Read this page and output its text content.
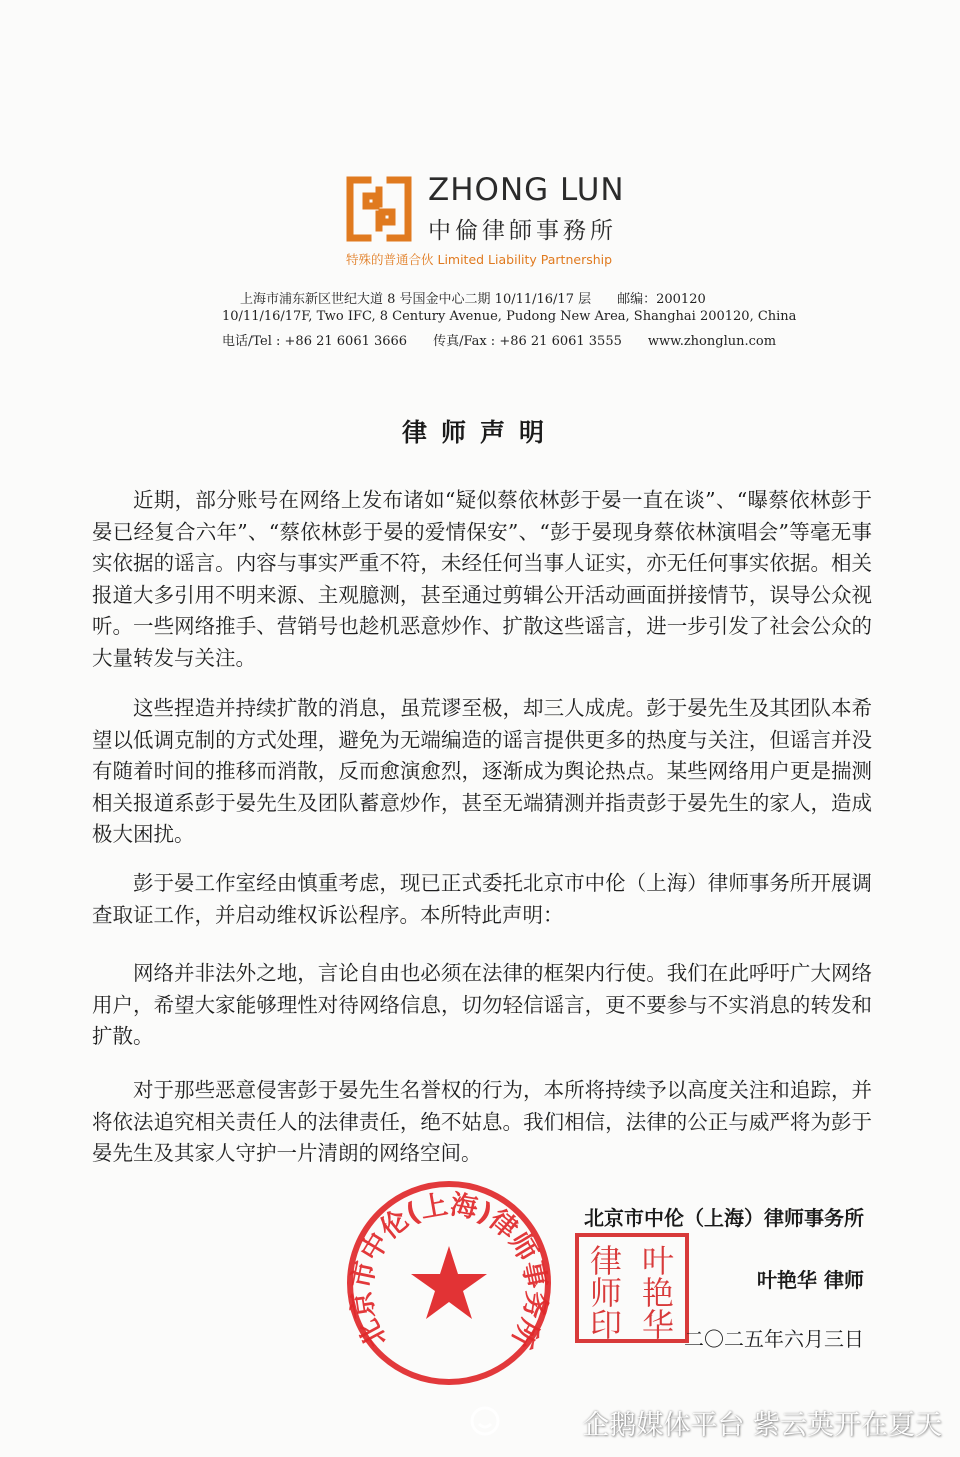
ZHONG LUN
中倫律師事務所
特殊的普通合伙 Limited Liability Partnership
上海市浦东新区世纪大道 8 号国金中心二期 10/11/16/17 层　　邮编：200120
10/11/16/17F, Two IFC, 8 Century Avenue, Pudong New Area, Shanghai 200120, China
电话/Tel : +86 21 6061 3666　　传真/Fax : +86 21 6061 3555　　www.zhonglun.com
律师声明
近期，部分账号在网络上发布诸如“疑似蔡依林彭于晏一直在谈”、“曝蔡依林彭于晏已经复合六年”、“蔡依林彭于晏的爱情保安”、“彭于晏现身蔡依林演唱会”等毫无事实依据的谣言。内容与事实严重不符，未经任何当事人证实，亦无任何事实依据。相关报道大多引用不明来源、主观臆测，甚至通过剪辑公开活动画面拼接情节，误导公众视听。一些网络推手、营销号也趁机恶意炒作、扩散这些谣言，进一步引发了社会公众的大量转发与关注。
这些捏造并持续扩散的消息，虽荒谬至极，却三人成虎。彭于晏先生及其团队本希望以低调克制的方式处理，避免为无端编造的谣言提供更多的热度与关注，但谣言并没有随着时间的推移而消散，反而愈演愈烈，逐渐成为舆论热点。某些网络用户更是揣测相关报道系彭于晏先生及团队蓄意炒作，甚至无端猜测并指责彭于晏先生的家人，造成极大困扰。
彭于晏工作室经由慎重考虑，现已正式委托北京市中伦（上海）律师事务所开展调查取证工作，并启动维权诉讼程序。本所特此声明：
网络并非法外之地，言论自由也必须在法律的框架内行使。我们在此呼吁广大网络用户，希望大家能够理性对待网络信息，切勿轻信谣言，更不要参与不实消息的转发和扩散。
对于那些恶意侵害彭于晏先生名誉权的行为，本所将持续予以高度关注和追踪，并将依法追究相关责任人的法律责任，绝不姑息。我们相信，法律的公正与威严将为彭于晏先生及其家人守护一片清朗的网络空间。
北京市中伦(上海)律师事务所
律 叶
师 艳
印 华
北京市中伦（上海）律师事务所
叶艳华 律师
二〇二五年六月三日
企鹅媒体平台 紫云英开在夏天
